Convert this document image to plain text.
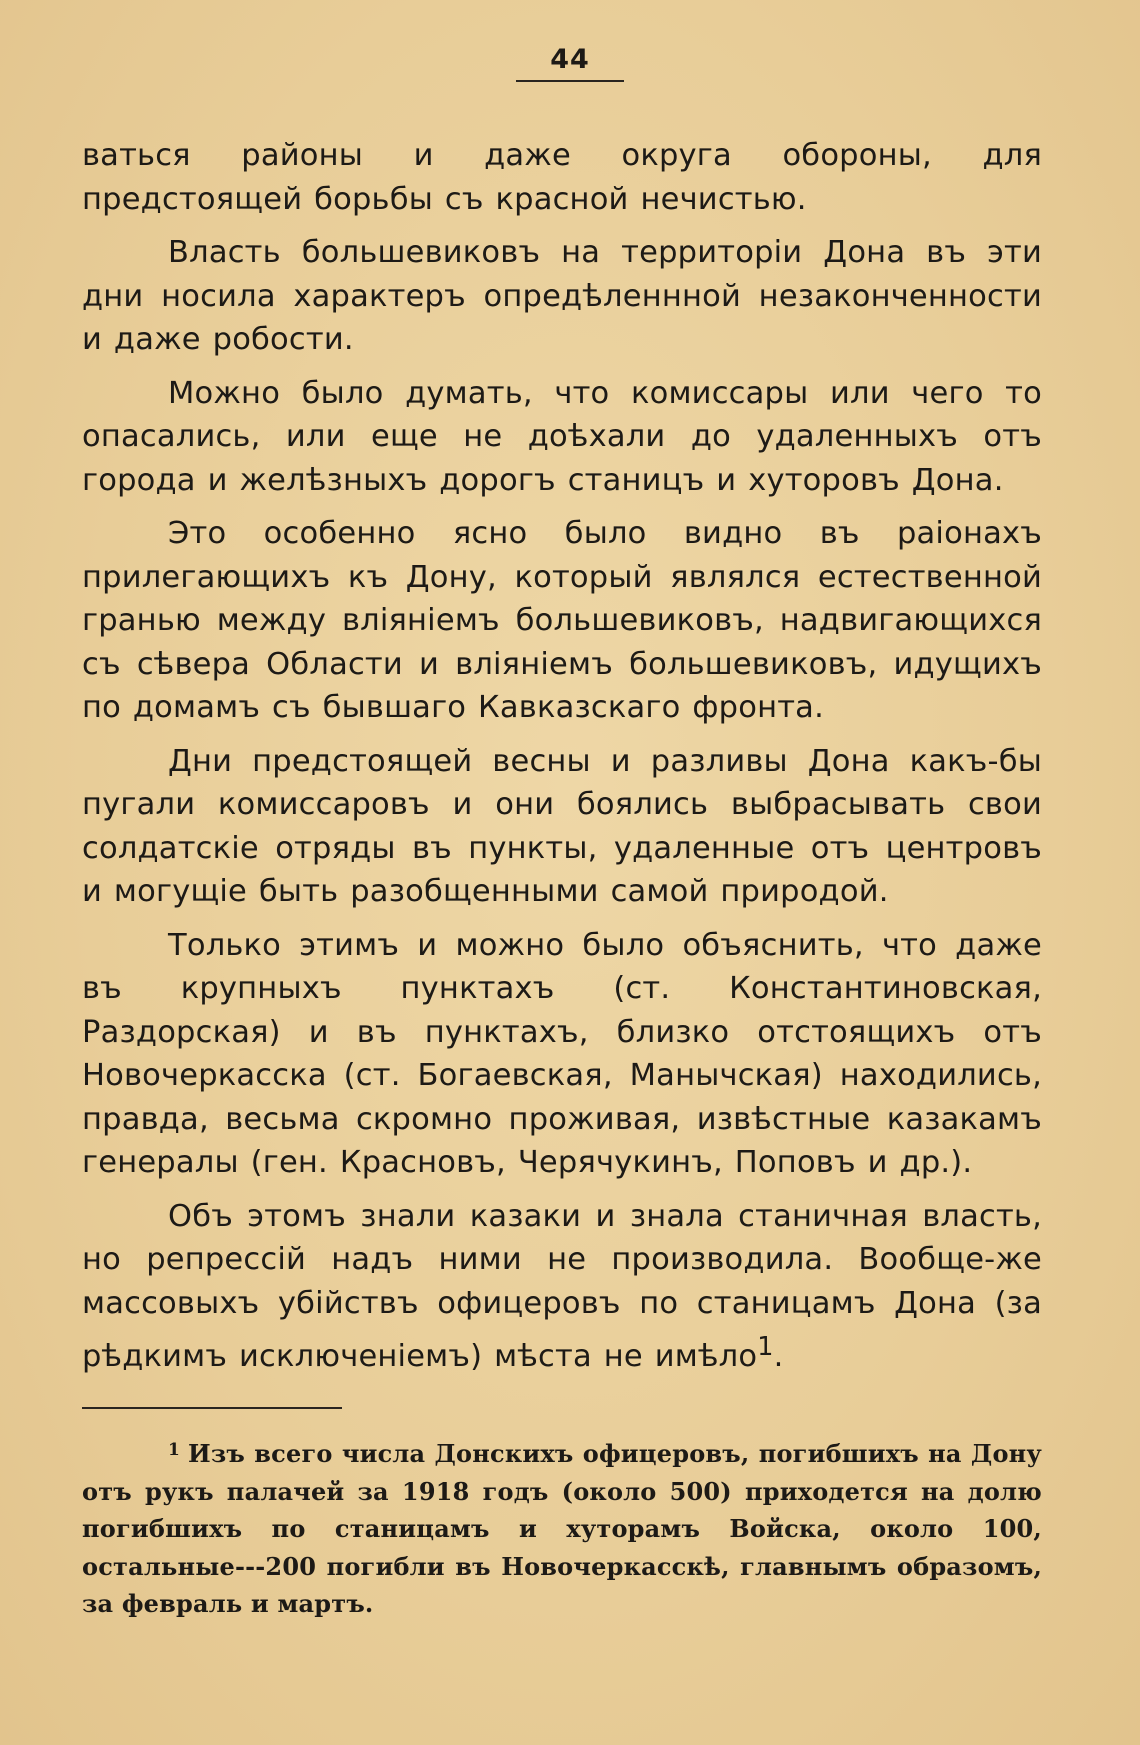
44

ваться районы и даже округа обороны, для предстоящей борьбы съ красной нечистью.

Власть большевиковъ на территоріи Дона въ эти дни носила характеръ опредѣленнной незаконченности и даже робости.

Можно было думать, что комиссары или чего то опасались, или еще не доѣхали до удаленныхъ отъ города и желѣзныхъ дорогъ станицъ и хуторовъ Дона.

Это особенно ясно было видно въ раіонахъ прилегающихъ къ Дону, который являлся естественной гранью между вліяніемъ большевиковъ, надвигающихся съ сѣвера Области и вліяніемъ большевиковъ, идущихъ по домамъ съ бывшаго Кавказскаго фронта.

Дни предстоящей весны и разливы Дона какъ-бы пугали комиссаровъ и они боялись выбрасывать свои солдатскіе отряды въ пункты, удаленные отъ центровъ и могущіе быть разобщенными самой природой.

Только этимъ и можно было объяснить, что даже въ крупныхъ пунктахъ (ст. Константиновская, Раздорская) и въ пунктахъ, близко отстоящихъ отъ Новочеркасска (ст. Богаевская, Манычская) находились, правда, весьма скромно проживая, извѣстные казакамъ генералы (ген. Красновъ, Черячукинъ, Поповъ и др.).

Объ этомъ знали казаки и знала станичная власть, но репрессій надъ ними не производила. Вообще-же массовыхъ убійствъ офицеровъ по станицамъ Дона (за рѣдкимъ исключеніемъ) мѣста не имѣло$^1$.

$^1$ Изъ всего числа Донскихъ офицеровъ, погибшихъ на Дону отъ рукъ палачей за 1918 годъ (около 500) приходется на долю погибшихъ по станицамъ и хуторамъ Войска, около 100, остальные---200 погибли въ Новочеркасскѣ, главнымъ образомъ, за февраль и мартъ.
